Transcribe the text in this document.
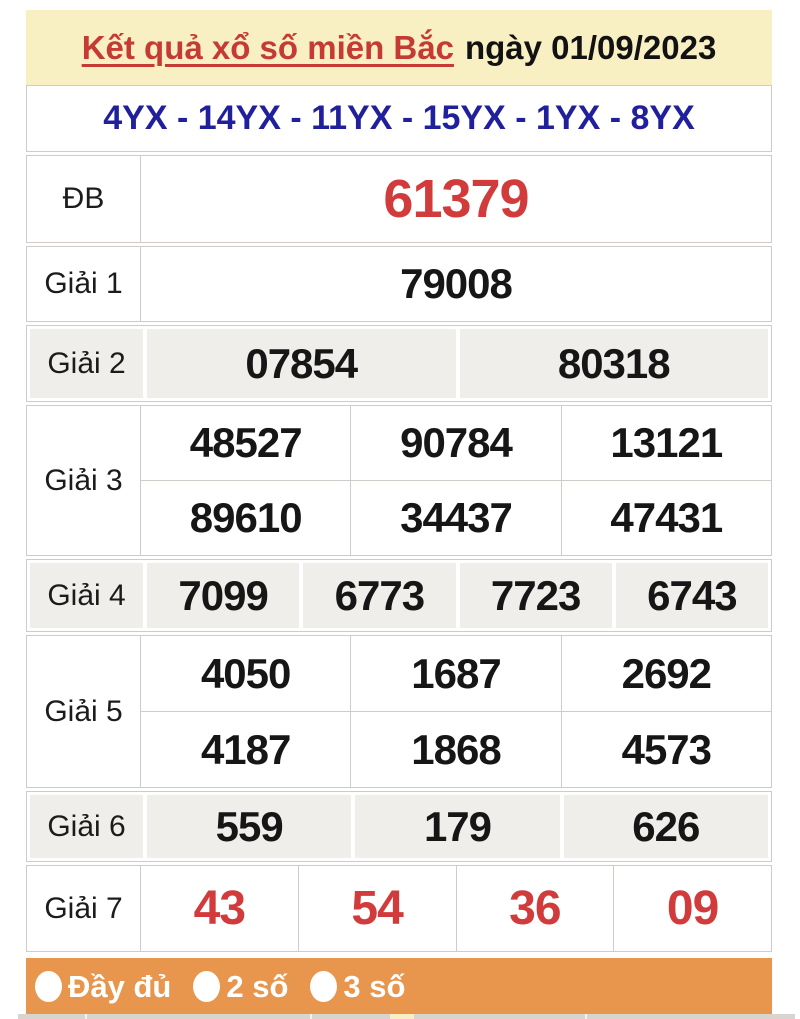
Kết quả xổ số miền Bắc ngày 01/09/2023
4YX - 14YX - 11YX - 15YX - 1YX - 8YX
ĐB	61379
Giải 1	79008
Giải 2	07854	80318
Giải 3
48527	90784	13121
89610	34437	47431
Giải 4	7099	6773	7723	6743
Giải 5
4050	1687	2692
4187	1868	4573
Giải 6	559	179	626
Giải 7	43	54	36	09
Đầy đủ 2 số 3 số
